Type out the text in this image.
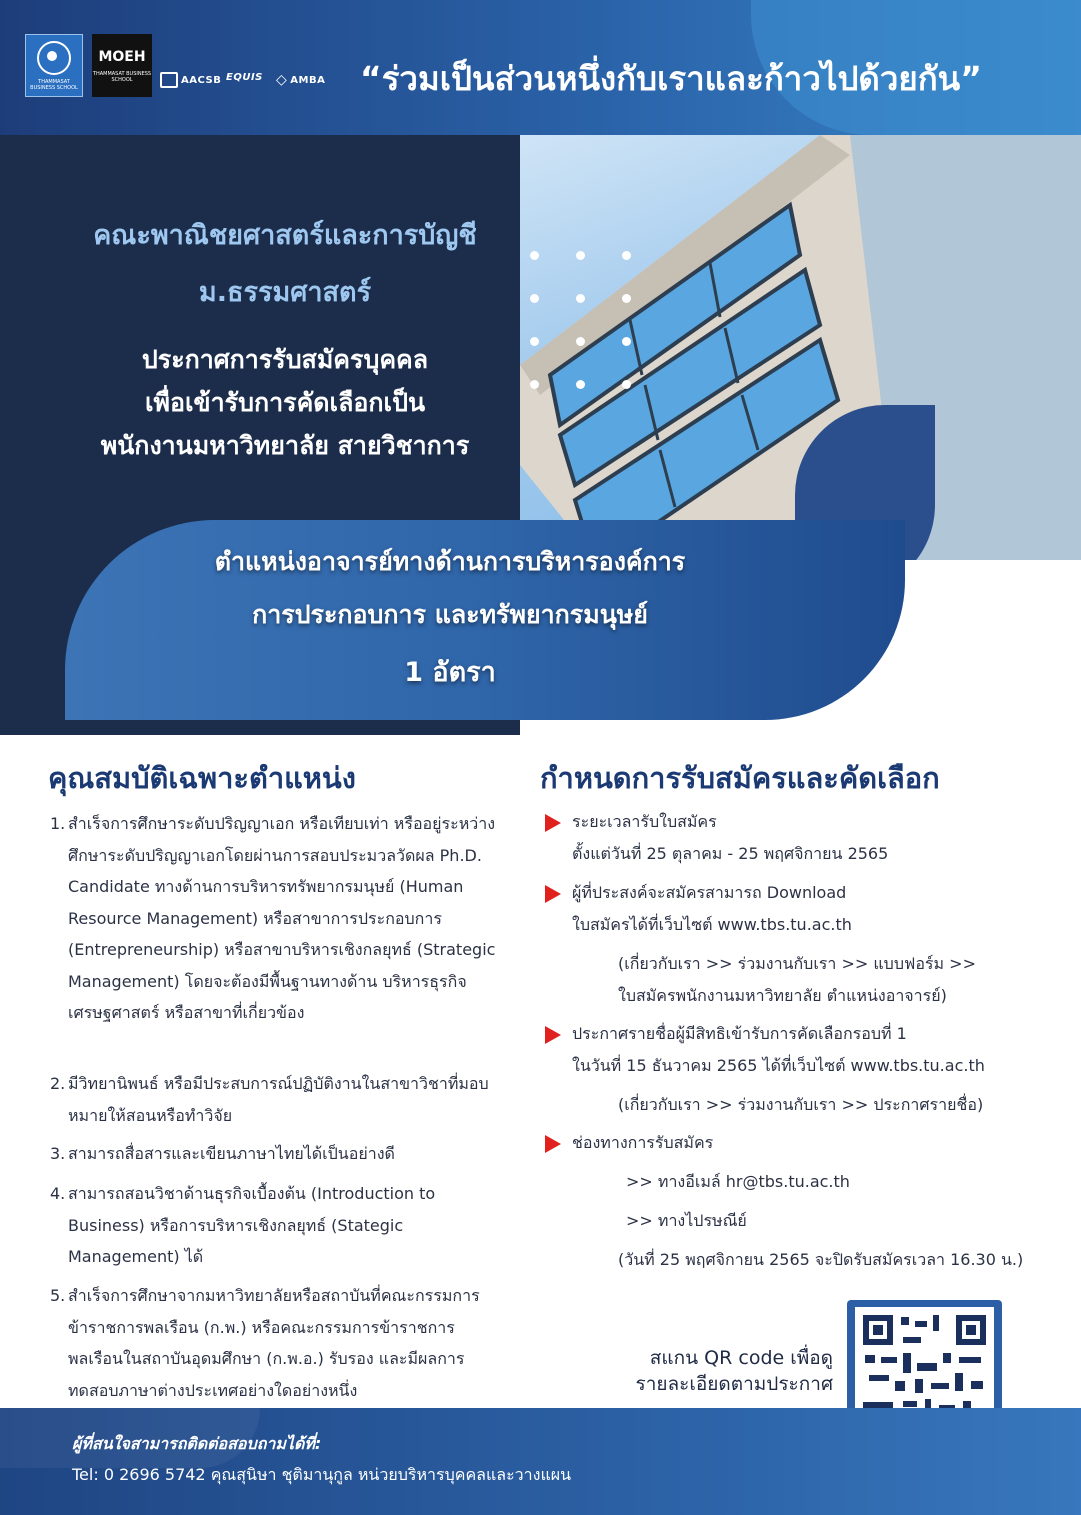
THAMMASAT BUSINESS SCHOOL
MOEH
THAMMASAT BUSINESS SCHOOL	AACSB EQUIS ◇ AMBA “ร่วมเป็นส่วนหนึ่งกับเราและก้าวไปด้วยกัน”
คณะพาณิชยศาสตร์และการบัญชี
ม.ธรรมศาสตร์
ประกาศการรับสมัครบุคคล
เพื่อเข้ารับการคัดเลือกเป็น
พนักงานมหาวิทยาลัย สายวิชาการ
ตำแหน่งอาจารย์ทางด้านการบริหารองค์การ
การประกอบการ และทรัพยากรมนุษย์
1 อัตรา
คุณสมบัติเฉพาะตำแหน่ง
1. สำเร็จการศึกษาระดับปริญญาเอก หรือเทียบเท่า หรืออยู่ระหว่างศึกษาระดับปริญญาเอกโดยผ่านการสอบประมวลวัดผล Ph.D. Candidate ทางด้านการบริหารทรัพยากรมนุษย์ (Human Resource Management) หรือสาขาการประกอบการ (Entrepreneurship) หรือสาขาบริหารเชิงกลยุทธ์ (Strategic Management) โดยจะต้องมีพื้นฐานทางด้าน บริหารธุรกิจ เศรษฐศาสตร์ หรือสาขาที่เกี่ยวข้อง
2. มีวิทยานิพนธ์ หรือมีประสบการณ์ปฏิบัติงานในสาขาวิชาที่มอบหมายให้สอนหรือทำวิจัย
3. สามารถสื่อสารและเขียนภาษาไทยได้เป็นอย่างดี
4. สามารถสอนวิชาด้านธุรกิจเบื้องต้น (Introduction to Business) หรือการบริหารเชิงกลยุทธ์ (Stategic Management) ได้
5. สำเร็จการศึกษาจากมหาวิทยาลัยหรือสถาบันที่คณะกรรมการข้าราชการพลเรือน (ก.พ.) หรือคณะกรรมการข้าราชการพลเรือนในสถาบันอุดมศึกษา (ก.พ.อ.) รับรอง และมีผลการทดสอบภาษาต่างประเทศอย่างใดอย่างหนึ่ง
กำหนดการรับสมัครและคัดเลือก
ระยะเวลารับใบสมัคร
ตั้งแต่วันที่ 25 ตุลาคม - 25 พฤศจิกายน 2565
ผู้ที่ประสงค์จะสมัครสามารถ Download
ใบสมัครได้ที่เว็บไซต์ www.tbs.tu.ac.th
(เกี่ยวกับเรา >> ร่วมงานกับเรา >> แบบฟอร์ม >>
ใบสมัครพนักงานมหาวิทยาลัย ตำแหน่งอาจารย์)
ประกาศรายชื่อผู้มีสิทธิเข้ารับการคัดเลือกรอบที่ 1
ในวันที่ 15 ธันวาคม 2565 ได้ที่เว็บไซต์ www.tbs.tu.ac.th
(เกี่ยวกับเรา >> ร่วมงานกับเรา >> ประกาศรายชื่อ)
ช่องทางการรับสมัคร
>> ทางอีเมล์ hr@tbs.tu.ac.th
>> ทางไปรษณีย์
(วันที่ 25 พฤศจิกายน 2565 จะปิดรับสมัครเวลา 16.30 น.)
สแกน QR code เพื่อดู
รายละเอียดตามประกาศ
ผู้ที่สนใจสามารถติดต่อสอบถามได้ที่:
Tel: 0 2696 5742 คุณสุนิษา ชุติมานุกูล หน่วยบริหารบุคคลและวางแผน
